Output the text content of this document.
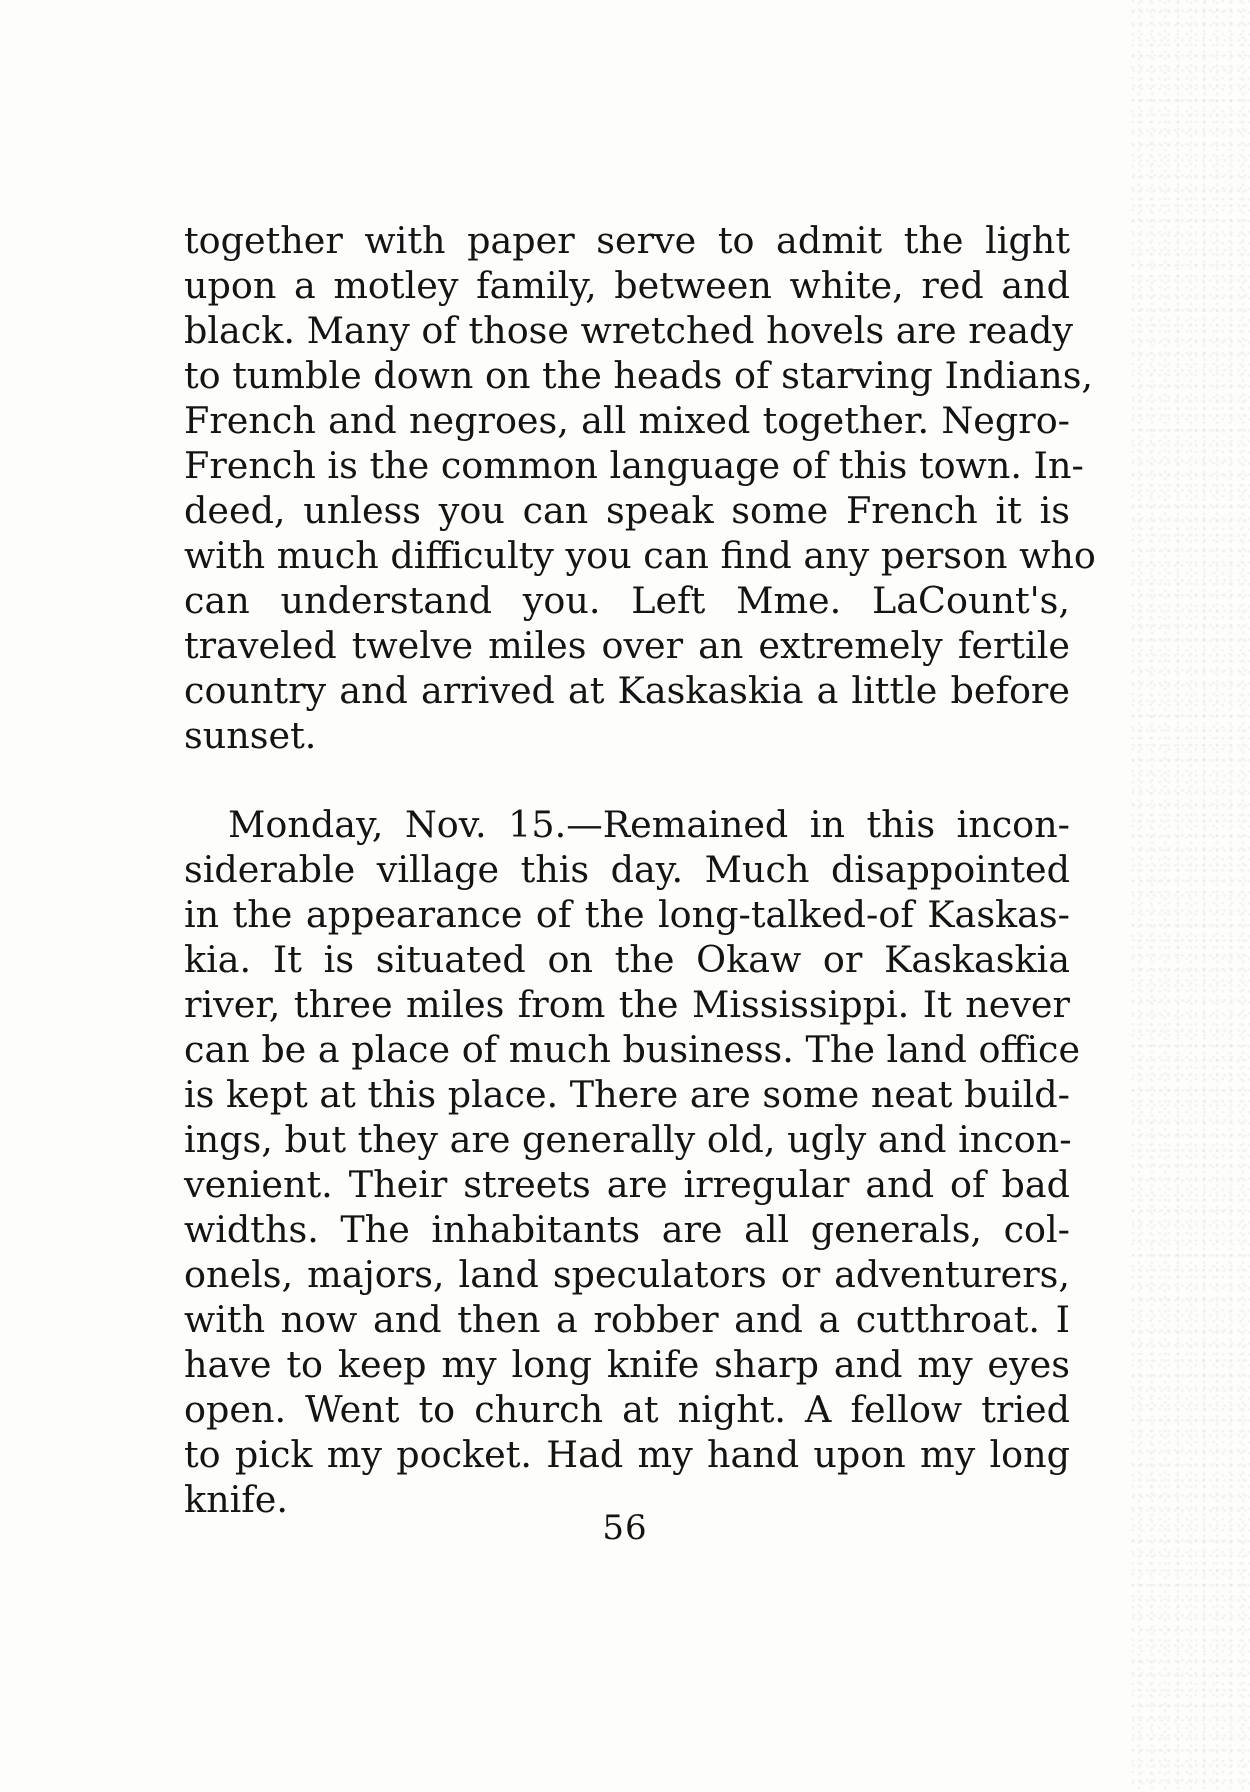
together with paper serve to admit the light
upon a motley family, between white, red and
black. Many of those wretched hovels are ready
to tumble down on the heads of starving Indians,
French and negroes, all mixed together. Negro-
French is the common language of this town. In-
deed, unless you can speak some French it is
with much difficulty you can find any person who
can understand you. Left Mme. LaCount's,
traveled twelve miles over an extremely fertile
country and arrived at Kaskaskia a little before
sunset.
Monday, Nov. 15.—Remained in this incon-
siderable village this day. Much disappointed
in the appearance of the long-talked-of Kaskas-
kia. It is situated on the Okaw or Kaskaskia
river, three miles from the Mississippi. It never
can be a place of much business. The land office
is kept at this place. There are some neat build-
ings, but they are generally old, ugly and incon-
venient. Their streets are irregular and of bad
widths. The inhabitants are all generals, col-
onels, majors, land speculators or adventurers,
with now and then a robber and a cutthroat. I
have to keep my long knife sharp and my eyes
open. Went to church at night. A fellow tried
to pick my pocket. Had my hand upon my long
knife.
56
